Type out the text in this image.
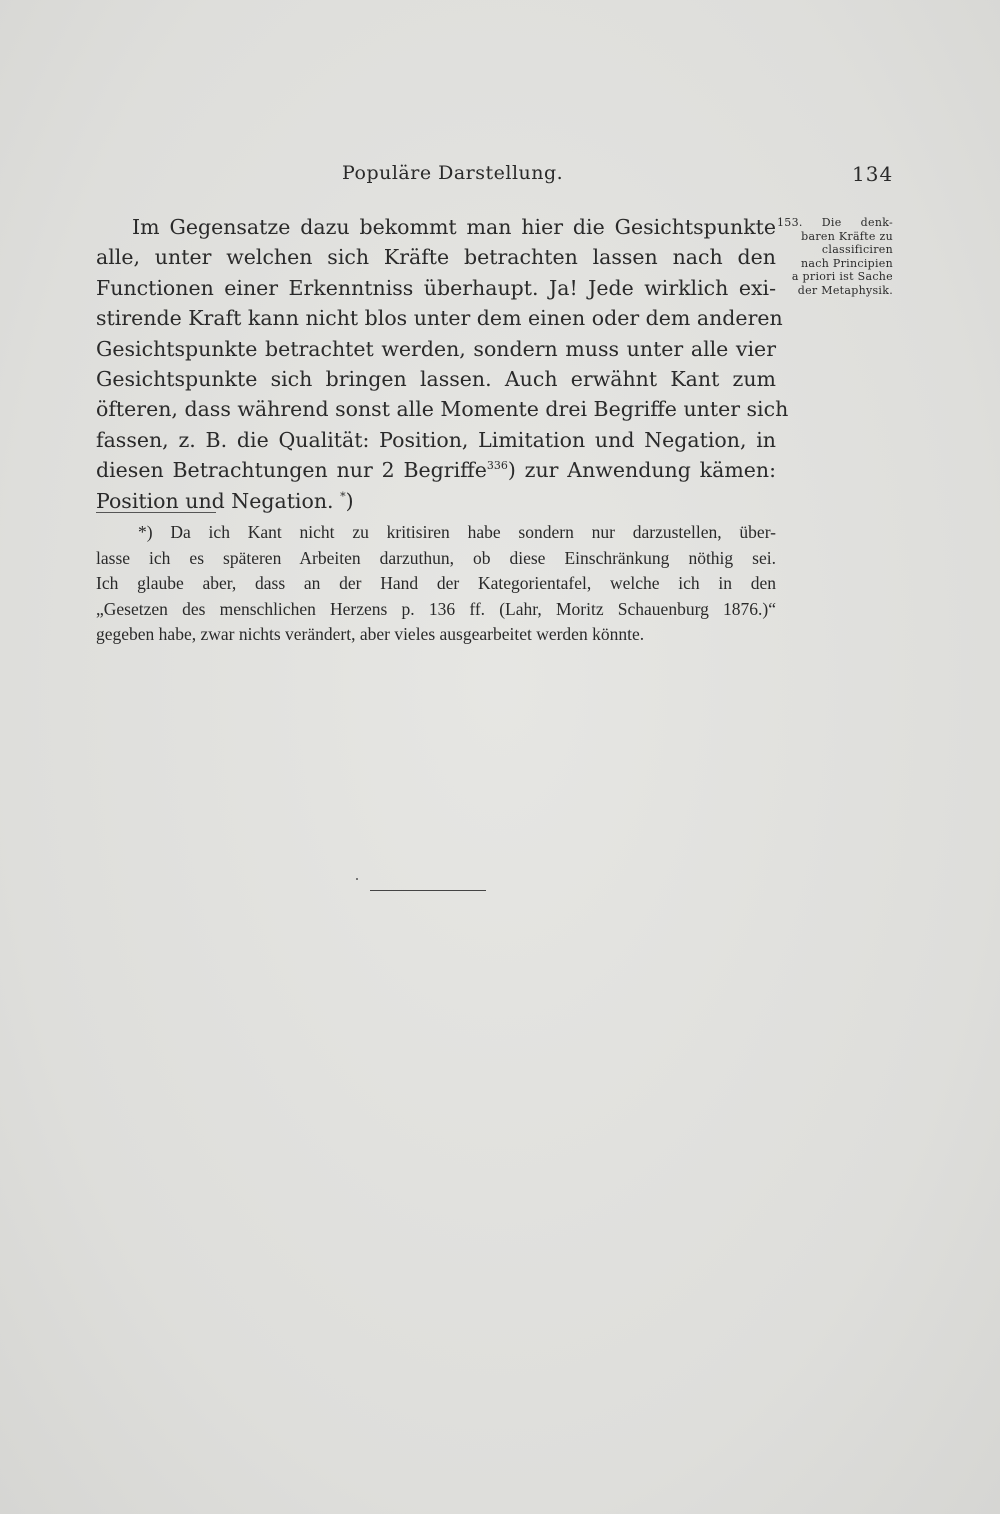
Populäre Darstellung.	134
Im Gegensatze dazu bekommt man hier die Gesichtspunkte
alle, unter welchen sich Kräfte betrachten lassen nach den
Functionen einer Erkenntniss überhaupt. Ja! Jede wirklich exi-
stirende Kraft kann nicht blos unter dem einen oder dem anderen
Gesichtspunkte betrachtet werden, sondern muss unter alle vier
Gesichtspunkte sich bringen lassen. Auch erwähnt Kant zum
öfteren, dass während sonst alle Momente drei Begriffe unter sich
fassen, z. B. die Qualität: Position, Limitation und Negation, in
diesen Betrachtungen nur 2 Begriffe$^{336}$) zur Anwendung kämen:
Position und Negation. *)
153. Die denk-
baren Kräfte zu
classificiren
nach Principien
a priori ist Sache
der Metaphysik.
*) Da ich Kant nicht zu kritisiren habe sondern nur darzustellen, über-
lasse ich es späteren Arbeiten darzuthun, ob diese Einschränkung nöthig sei.
Ich glaube aber, dass an der Hand der Kategorientafel, welche ich in den
„Gesetzen des menschlichen Herzens p. 136 ff. (Lahr, Moritz Schauenburg 1876.)“
gegeben habe, zwar nichts verändert, aber vieles ausgearbeitet werden könnte.
